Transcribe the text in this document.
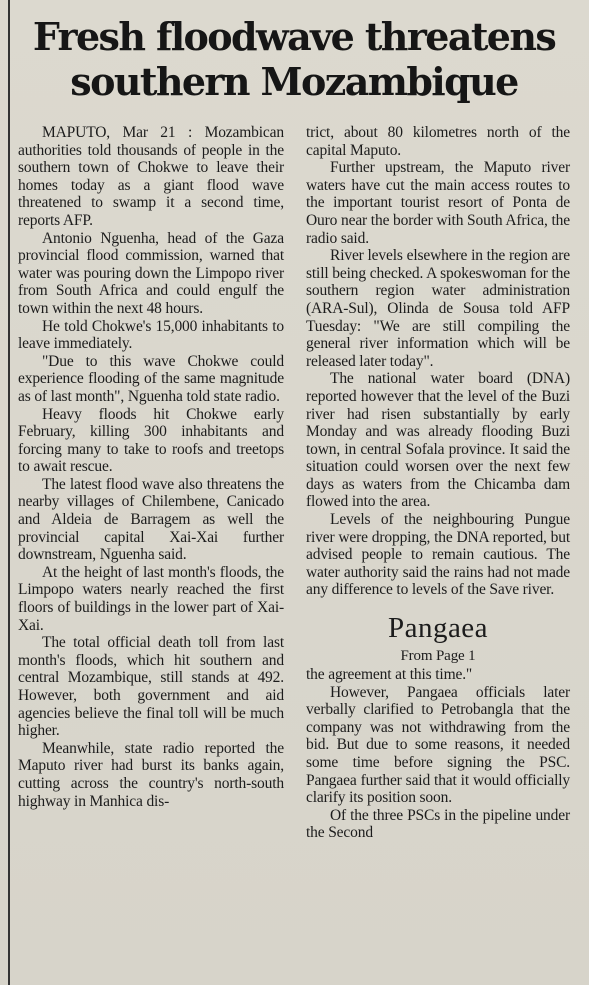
Fresh floodwave threatens
southern Mozambique

MAPUTO, Mar 21 : Mozambican authorities told thousands of people in the southern town of Chokwe to leave their homes today as a giant flood wave threatened to swamp it a second time, reports AFP.

Antonio Nguenha, head of the Gaza provincial flood commission, warned that water was pouring down the Limpopo river from South Africa and could engulf the town within the next 48 hours.

He told Chokwe's 15,000 inhabitants to leave immediately.

"Due to this wave Chokwe could experience flooding of the same magnitude as of last month", Nguenha told state radio.

Heavy floods hit Chokwe early February, killing 300 inhabitants and forcing many to take to roofs and treetops to await rescue.

The latest flood wave also threatens the nearby villages of Chilembene, Canicado and Aldeia de Barragem as well the provincial capital Xai-Xai further downstream, Nguenha said.

At the height of last month's floods, the Limpopo waters nearly reached the first floors of buildings in the lower part of Xai-Xai.

The total official death toll from last month's floods, which hit southern and central Mozambique, still stands at 492. However, both government and aid agencies believe the final toll will be much higher.

Meanwhile, state radio reported the Maputo river had burst its banks again, cutting across the country's north-south highway in Manhica dis-

trict, about 80 kilometres north of the capital Maputo.

Further upstream, the Maputo river waters have cut the main access routes to the important tourist resort of Ponta de Ouro near the border with South Africa, the radio said.

River levels elsewhere in the region are still being checked. A spokeswoman for the southern region water administration (ARA-Sul), Olinda de Sousa told AFP Tuesday: "We are still compiling the general river information which will be released later today".

The national water board (DNA) reported however that the level of the Buzi river had risen substantially by early Monday and was already flooding Buzi town, in central Sofala province. It said the situation could worsen over the next few days as waters from the Chicamba dam flowed into the area.

Levels of the neighbouring Pungue river were dropping, the DNA reported, but advised people to remain cautious. The water authority said the rains had not made any difference to levels of the Save river.

Pangaea
From Page 1

the agreement at this time."

However, Pangaea officials later verbally clarified to Petrobangla that the company was not withdrawing from the bid. But due to some reasons, it needed some time before signing the PSC. Pangaea further said that it would officially clarify its position soon.

Of the three PSCs in the pipeline under the Second
